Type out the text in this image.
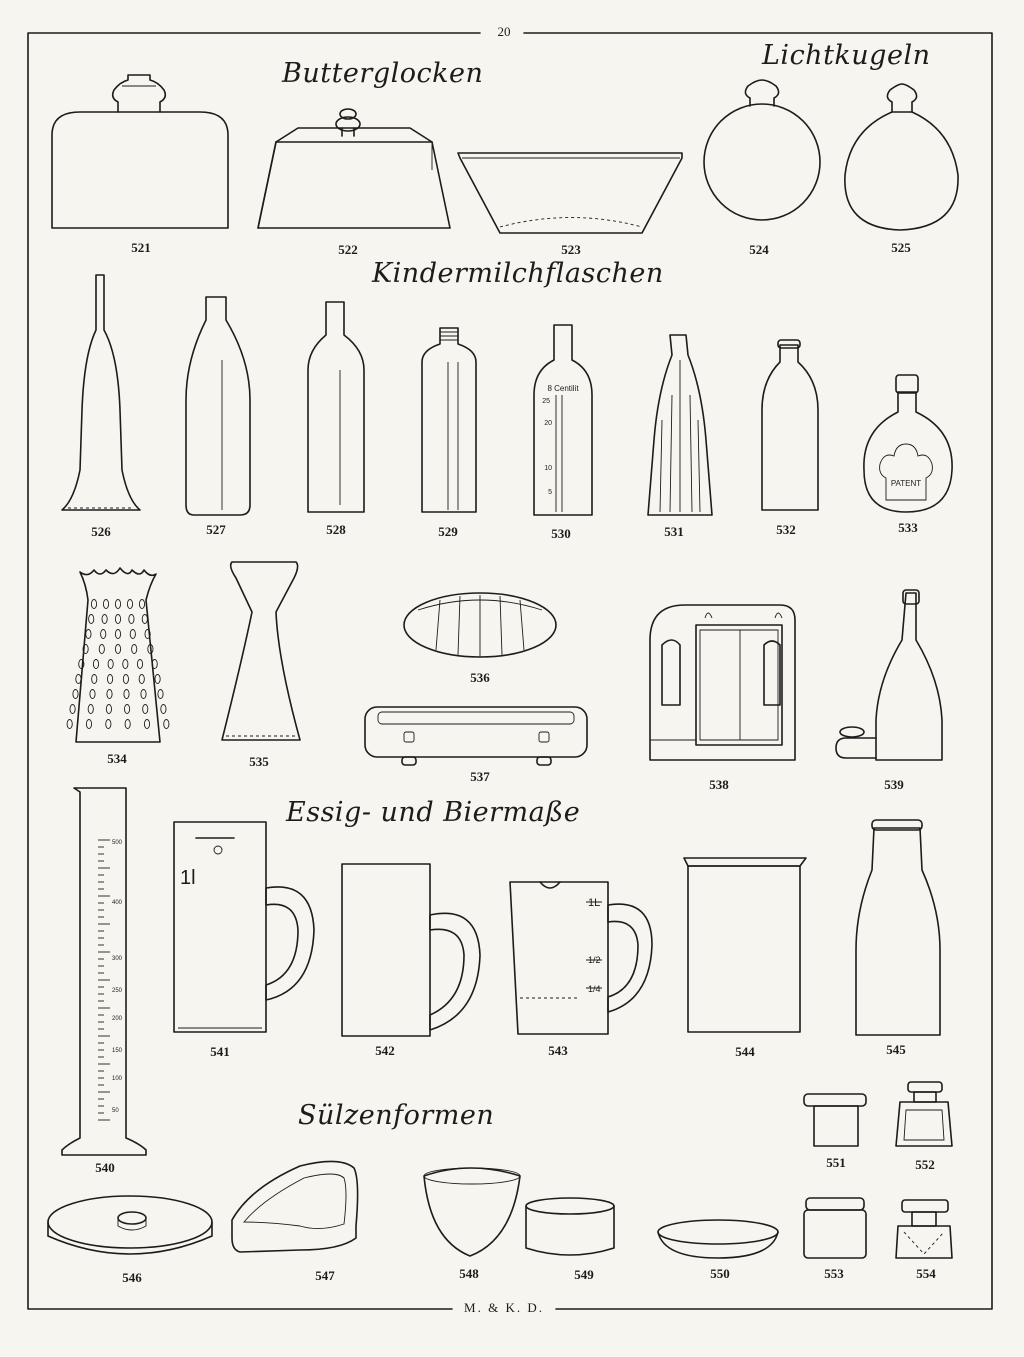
PATENT
8 Centilit
25
20
10
5
1l
1L
1/2
1/4
500
400
300
250
200
150
100
50
20
M. & K. D.
Butterglocken
Lichtkugeln
Kindermilchflaschen
Essig- und Biermaße
Sülzenformen
521	522	523	524	525
526	527	528	529	530	531	532	533
534	535
536
537
538	539
540
541	542	543	544	545
546	547	548	549	550
551	552
553	554
